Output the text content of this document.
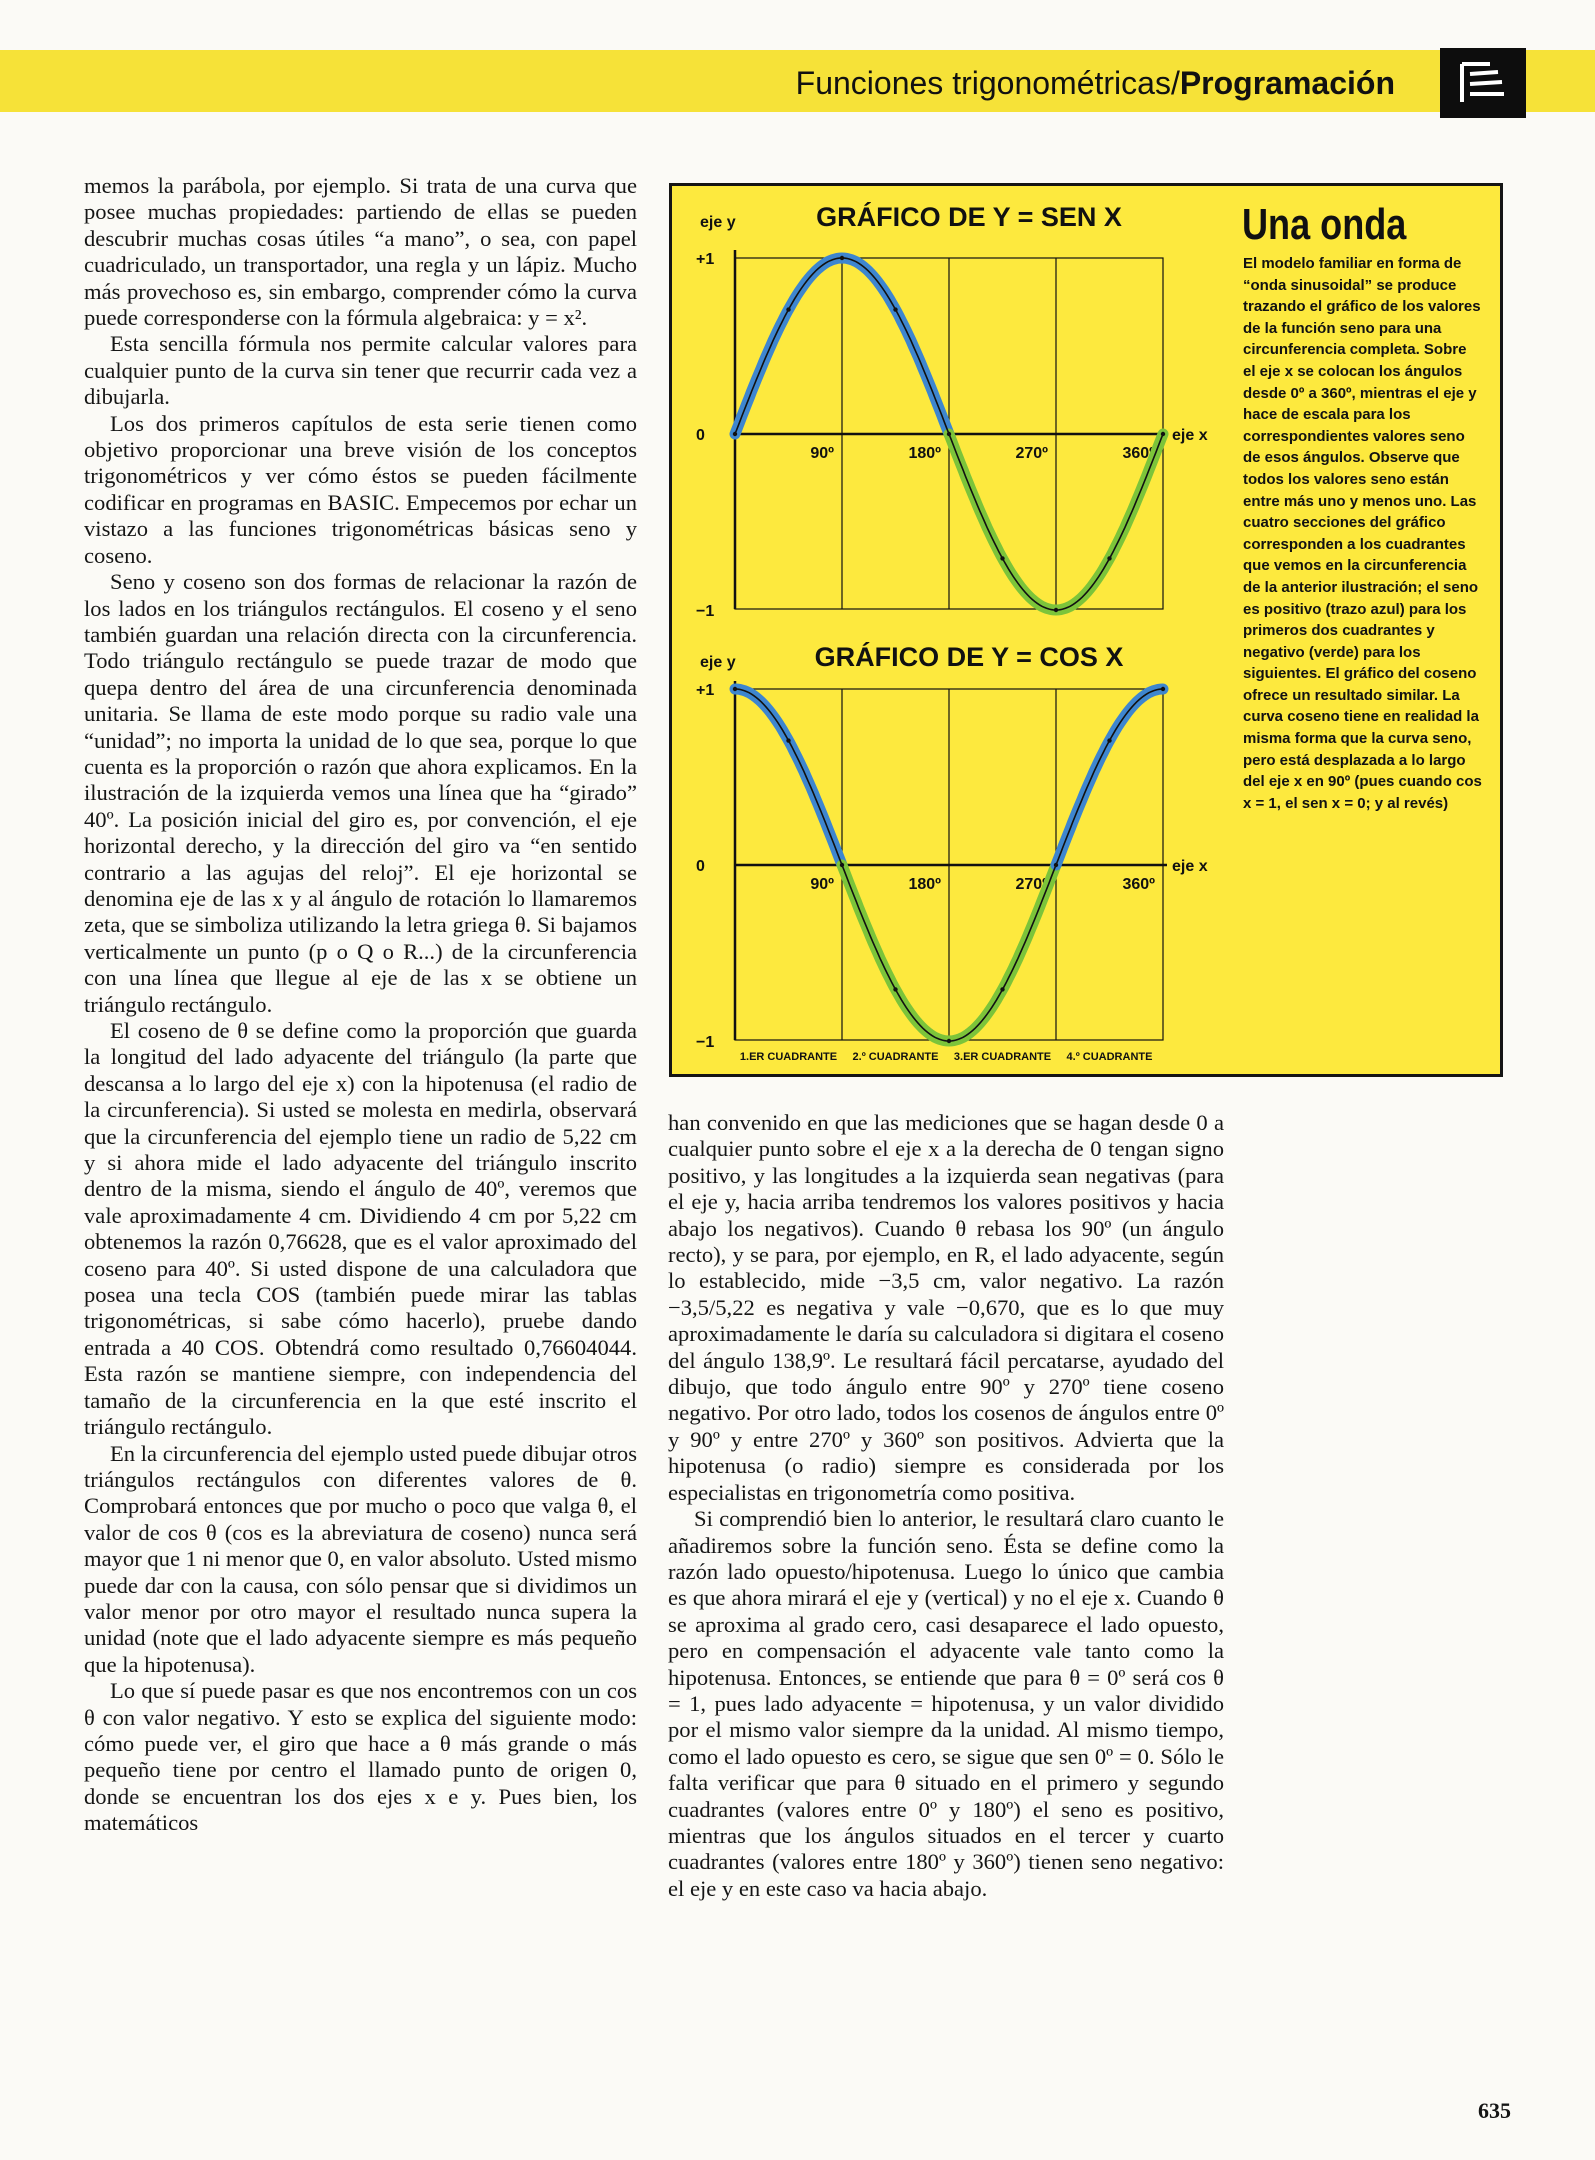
Funciones trigonométricas/Programación

memos la parábola, por ejemplo. Si trata de una curva que posee muchas propiedades: partiendo de ellas se pueden descubrir muchas cosas útiles “a mano”, o sea, con papel cuadriculado, un transportador, una regla y un lápiz. Mucho más provechoso es, sin embargo, comprender cómo la curva puede corresponderse con la fórmula algebraica: y = x².

Esta sencilla fórmula nos permite calcular valores para cualquier punto de la curva sin tener que recurrir cada vez a dibujarla.

Los dos primeros capítulos de esta serie tienen como objetivo proporcionar una breve visión de los conceptos trigonométricos y ver cómo éstos se pueden fácilmente codificar en programas en BASIC. Empecemos por echar un vistazo a las funciones trigonométricas básicas seno y coseno.

Seno y coseno son dos formas de relacionar la razón de los lados en los triángulos rectángulos. El coseno y el seno también guardan una relación directa con la circunferencia. Todo triángulo rectángulo se puede trazar de modo que quepa dentro del área de una circunferencia denominada unitaria. Se llama de este modo porque su radio vale una “unidad”; no importa la unidad de lo que sea, porque lo que cuenta es la proporción o razón que ahora explicamos. En la ilustración de la izquierda vemos una línea que ha “girado” 40º. La posición inicial del giro es, por convención, el eje horizontal derecho, y la dirección del giro va “en sentido contrario a las agujas del reloj”. El eje horizontal se denomina eje de las x y al ángulo de rotación lo llamaremos zeta, que se simboliza utilizando la letra griega θ. Si bajamos verticalmente un punto (p o Q o R...) de la circunferencia con una línea que llegue al eje de las x se obtiene un triángulo rectángulo.

El coseno de θ se define como la proporción que guarda la longitud del lado adyacente del triángulo (la parte que descansa a lo largo del eje x) con la hipotenusa (el radio de la circunferencia). Si usted se molesta en medirla, observará que la circunferencia del ejemplo tiene un radio de 5,22 cm y si ahora mide el lado adyacente del triángulo inscrito dentro de la misma, siendo el ángulo de 40º, veremos que vale aproximadamente 4 cm. Dividiendo 4 cm por 5,22 cm obtenemos la razón 0,76628, que es el valor aproximado del coseno para 40º. Si usted dispone de una calculadora que posea una tecla COS (también puede mirar las tablas trigonométricas, si sabe cómo hacerlo), pruebe dando entrada a 40 COS. Obtendrá como resultado 0,76604044. Esta razón se mantiene siempre, con independencia del tamaño de la circunferencia en la que esté inscrito el triángulo rectángulo.

En la circunferencia del ejemplo usted puede dibujar otros triángulos rectángulos con diferentes valores de θ. Comprobará entonces que por mucho o poco que valga θ, el valor de cos θ (cos es la abreviatura de coseno) nunca será mayor que 1 ni menor que 0, en valor absoluto. Usted mismo puede dar con la causa, con sólo pensar que si dividimos un valor menor por otro mayor el resultado nunca supera la unidad (note que el lado adyacente siempre es más pequeño que la hipotenusa).

Lo que sí puede pasar es que nos encontremos con un cos θ con valor negativo. Y esto se explica del siguiente modo: cómo puede ver, el giro que hace a θ más grande o más pequeño tiene por centro el llamado punto de origen 0, donde se encuentran los dos ejes x e y. Pues bien, los matemáticos

GRÁFICO DE Y = SEN X
eje y
eje x
+1
0
−1
90º	180º	270º	360º
GRÁFICO DE Y = COS X
eje y
eje x
+1
0
−1
90º	180º	270º	360º
1.ER CUADRANTE 2.º CUADRANTE 3.ER CUADRANTE 4.º CUADRANTE
Una onda
El modelo familiar en forma de “onda sinusoidal” se produce trazando el gráfico de los valores de la función seno para una circunferencia completa. Sobre el eje x se colocan los ángulos desde 0º a 360º, mientras el eje y hace de escala para los correspondientes valores seno de esos ángulos. Observe que todos los valores seno están entre más uno y menos uno. Las cuatro secciones del gráfico corresponden a los cuadrantes que vemos en la circunferencia de la anterior ilustración; el seno es positivo (trazo azul) para los primeros dos cuadrantes y negativo (verde) para los siguientes. El gráfico del coseno ofrece un resultado similar. La curva coseno tiene en realidad la misma forma que la curva seno, pero está desplazada a lo largo del eje x en 90º (pues cuando cos x = 1, el sen x = 0; y al revés)

han convenido en que las mediciones que se hagan desde 0 a cualquier punto sobre el eje x a la derecha de 0 tengan signo positivo, y las longitudes a la izquierda sean negativas (para el eje y, hacia arriba tendremos los valores positivos y hacia abajo los negativos). Cuando θ rebasa los 90º (un ángulo recto), y se para, por ejemplo, en R, el lado adyacente, según lo establecido, mide −3,5 cm, valor negativo. La razón −3,5/5,22 es negativa y vale −0,670, que es lo que muy aproximadamente le daría su calculadora si digitara el coseno del ángulo 138,9º. Le resultará fácil percatarse, ayudado del dibujo, que todo ángulo entre 90º y 270º tiene coseno negativo. Por otro lado, todos los cosenos de ángulos entre 0º y 90º y entre 270º y 360º son positivos. Advierta que la hipotenusa (o radio) siempre es considerada por los especialistas en trigonometría como positiva.

Si comprendió bien lo anterior, le resultará claro cuanto le añadiremos sobre la función seno. Ésta se define como la razón lado opuesto/hipotenusa. Luego lo único que cambia es que ahora mirará el eje y (vertical) y no el eje x. Cuando θ se aproxima al grado cero, casi desaparece el lado opuesto, pero en compensación el adyacente vale tanto como la hipotenusa. Entonces, se entiende que para θ = 0º será cos θ = 1, pues lado adyacente = hipotenusa, y un valor dividido por el mismo valor siempre da la unidad. Al mismo tiempo, como el lado opuesto es cero, se sigue que sen 0º = 0. Sólo le falta verificar que para θ situado en el primero y segundo cuadrantes (valores entre 0º y 180º) el seno es positivo, mientras que los ángulos situados en el tercer y cuarto cuadrantes (valores entre 180º y 360º) tienen seno negativo: el eje y en este caso va hacia abajo.

635
